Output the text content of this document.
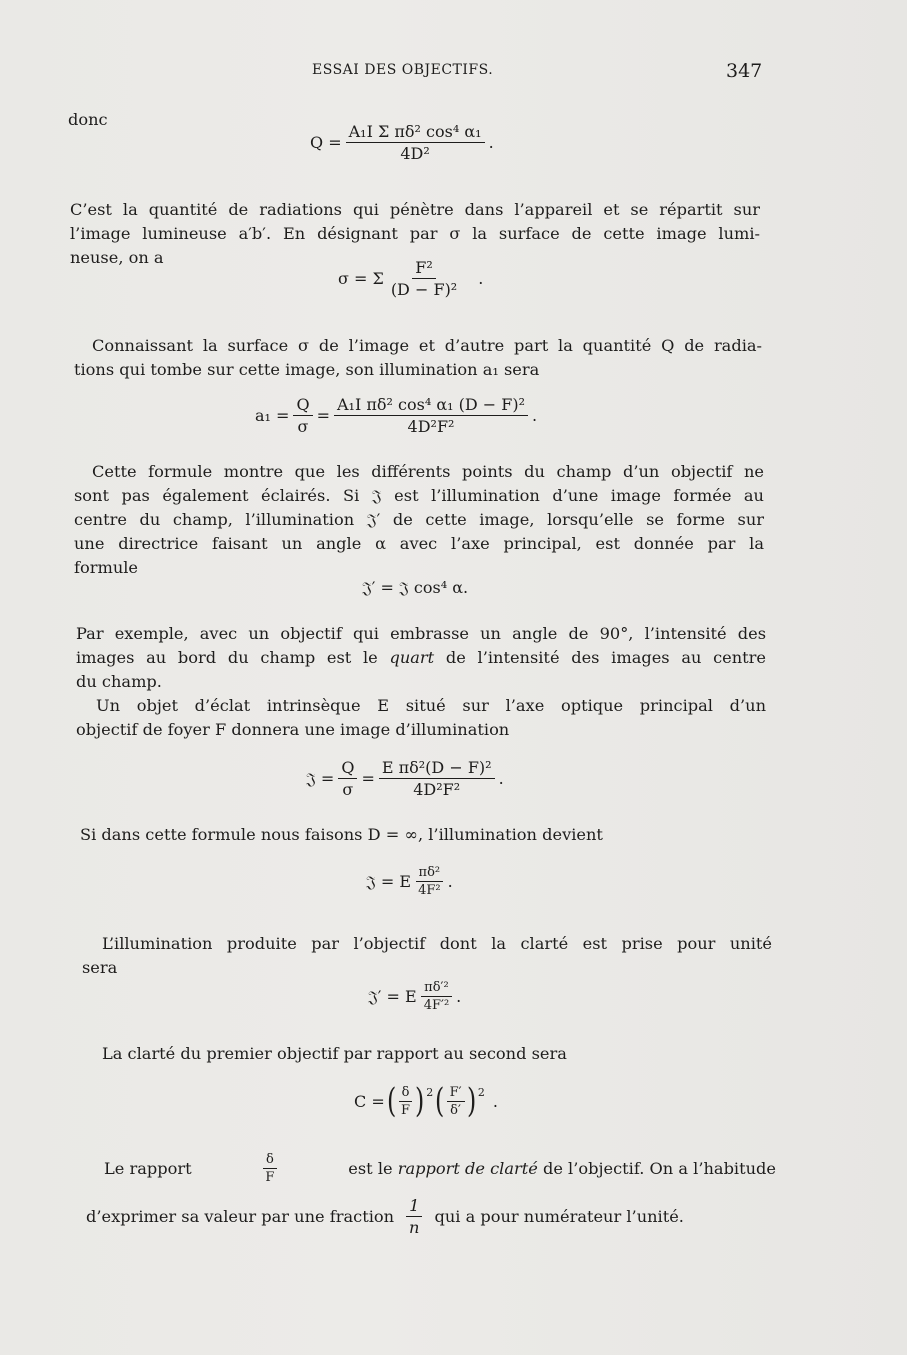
ESSAI DES OBJECTIFS.	347
donc
$Q = \frac{\text{A₁I Σ πδ² cos⁴ α₁}}{\text{4D²}}$ .
C’est la quantité de radiations qui pénètre dans l’appareil et se répartit sur
l’image lumineuse a′b′. En désignant par σ la surface de cette image lumi-
neuse, on a
σ = Σ $\frac{\text{F²}}{\text{(D − F)²}}$ .
Connaissant la surface σ de l’image et d’autre part la quantité Q de radia-
tions qui tombe sur cette image, son illumination a₁ sera
$a_1 = \frac{Q}{\sigma} = \frac{\text{A₁I πδ² cos⁴ α₁ (D − F)²}}{\text{4D²F²}}$ .
Cette formule montre que les différents points du champ d’un objectif ne
sont pas également éclairés. Si 𝔍 est l’illumination d’une image formée au
centre du champ, l’illumination 𝔍′ de cette image, lorsqu’elle se forme sur
une directrice faisant un angle α avec l’axe principal, est donnée par la
formule
𝔍′ = 𝔍 cos⁴ α.
Par exemple, avec un objectif qui embrasse un angle de 90°, l’intensité des
images au bord du champ est le quart de l’intensité des images au centre
du champ.
Un objet d’éclat intrinsèque E situé sur l’axe optique principal d’un
objectif de foyer F donnera une image d’illumination
𝔍 = $\frac{Q}{\sigma} = \frac{\text{E πδ²(D − F)²}}{\text{4D²F²}}$ .
Si dans cette formule nous faisons D = ∞, l’illumination devient
𝔍 = E $\frac{\text{πδ²}}{\text{4F²}}$ .
L’illumination produite par l’objectif dont la clarté est prise pour unité
sera
𝔍′ = E $\frac{\text{πδ′²}}{\text{4F′²}}$ .
La clarté du premier objectif par rapport au second sera
C = ( $\frac{\delta}{F}$ ) 2 ( $\frac{F'}{\delta'}$ ) 2 .
Le rapport	$\frac{\delta}{F}$	est le rapport de clarté de l’objectif. On a l’habitude
d’exprimer sa valeur par une fraction $\frac{1}{n}$ qui a pour numérateur l’unité.
